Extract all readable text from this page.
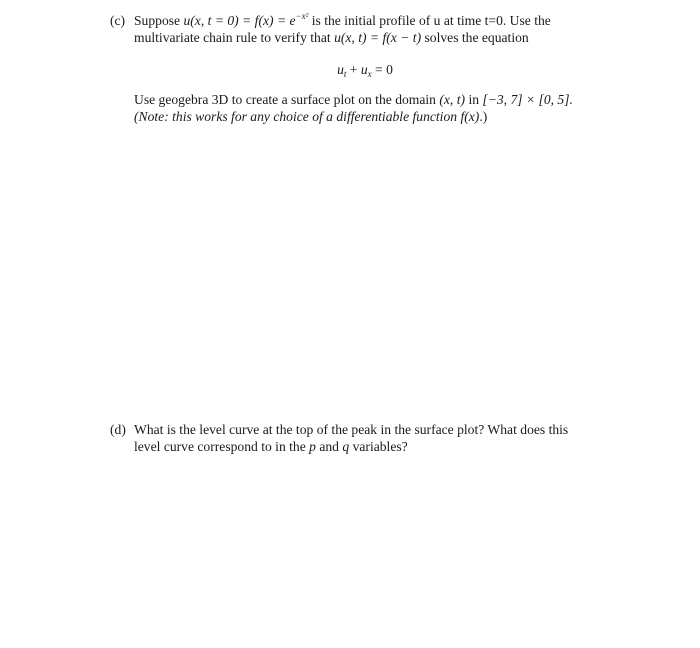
(c) Suppose u(x, $t = 0) = f(x) = e^{-x^2}$ is the initial profile of u at time t=0. Use the
multivariate chain rule to verify that u(x, t) = f(x − t) solves the equation
$u_t + u_x = 0$
Use geogebra 3D to create a surface plot on the domain (x, t) in [−3, 7] × [0, 5].
(Note: this works for any choice of a differentiable function f(x).)
(d) What is the level curve at the top of the peak in the surface plot? What does this
level curve correspond to in the p and q variables?
